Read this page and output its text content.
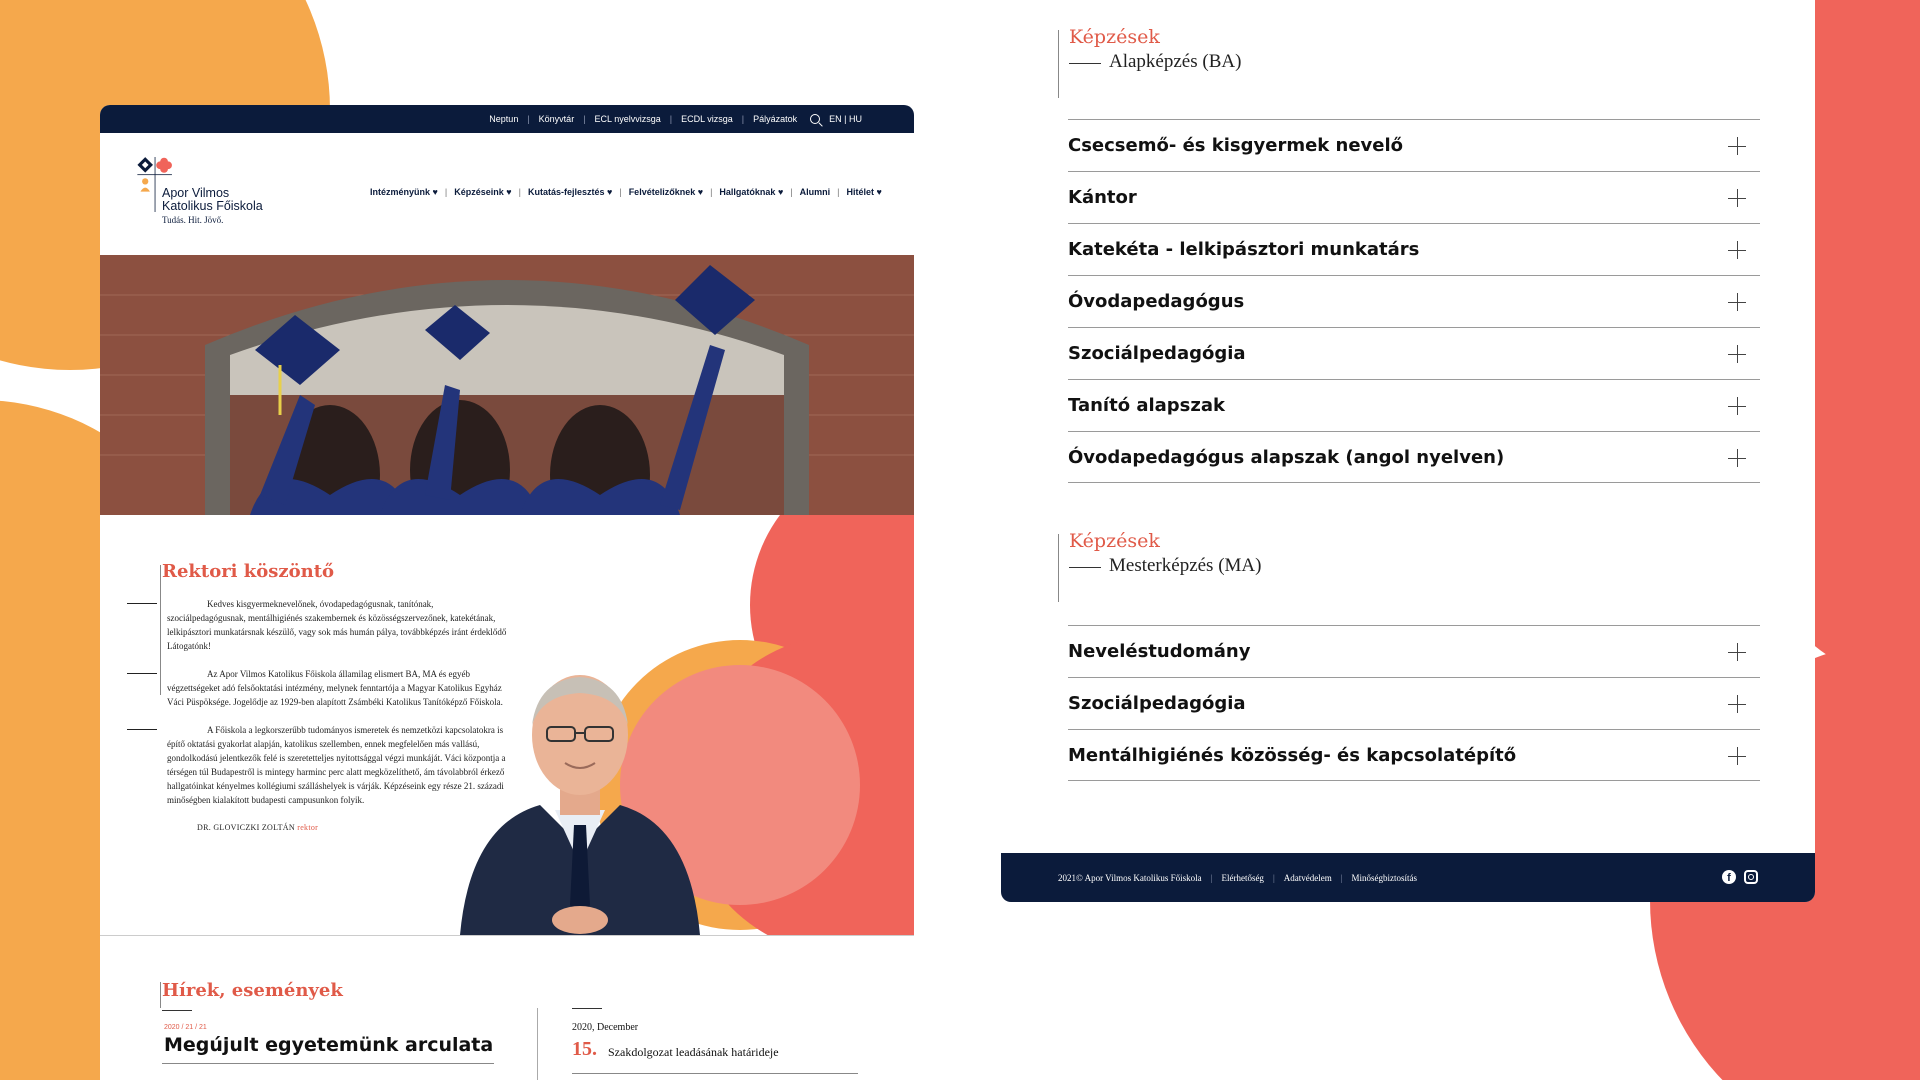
Neptun | Könyvtár | ECL nyelvvizsga | ECDL vizsga | Pályázatok	EN | HU
Apor Vilmos
Katolikus Főiskola
Tudás. Hit. Jövő.
Intézményünk ♥ | Képzéseink ♥ | Kutatás-fejlesztés ♥ | Felvételizőknek ♥ | Hallgatóknak ♥ | Alumni | Hitélet ♥
Rektori köszöntő

Kedves kisgyermeknevelőnek, óvodapedagógusnak, tanítónak, szociálpedagógusnak, mentálhigiénés szakembernek és közösségszervezőnek, katekétának, lelkipásztori munkatársnak készülő, vagy sok más humán pálya, továbbképzés iránt érdeklődő Látogatónk!

Az Apor Vilmos Katolikus Főiskola államilag elismert BA, MA és egyéb végzettségeket adó felsőoktatási intézmény, melynek fenntartója a Magyar Katolikus Egyház Váci Püspöksége. Jogelődje az 1929-ben alapított Zsámbéki Katolikus Tanítóképző Főiskola.

A Főiskola a legkorszerűbb tudományos ismeretek és nemzetközi kapcsolatokra is építő oktatási gyakorlat alapján, katolikus szellemben, ennek megfelelően más vallású, gondolkodású jelentkezők felé is szeretetteljes nyitottsággal végzi munkáját. Váci központja a térségen túl Budapestről is mintegy harminc perc alatt megközelíthető, ám távolabbról érkező hallgatóinkat kényelmes kollégiumi szálláshelyek is várják. Képzéseink egy része 21. századi minőségben kialakított budapesti campusunkon folyik.

DR. GLOVICZKI ZOLTÁN rektor
Hírek, események
2020 / 21 / 21
Megújult egyetemünk arculata
2020, December
15. Szakdolgozat leadásának határideje
Képzések
Alapképzés (BA)
Csecsemő- és kisgyermek nevelő
Kántor
Katekéta - lelkipásztori munkatárs
Óvodapedagógus
Szociálpedagógia
Tanító alapszak
Óvodapedagógus alapszak (angol nyelven)
Képzések
Mesterképzés (MA)
Neveléstudomány
Szociálpedagógia
Mentálhigiénés közösség- és kapcsolatépítő
2021© Apor Vilmos Katolikus Főiskola | Elérhetőség | Adatvédelem | Minőségbiztosítás	f
